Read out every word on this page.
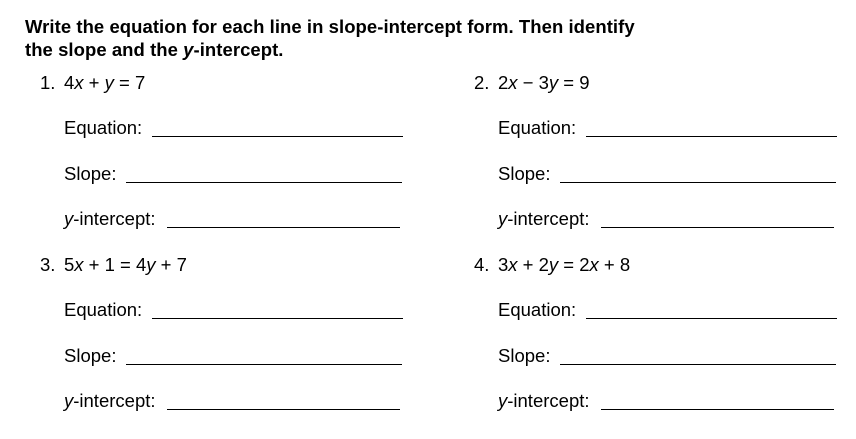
Write the equation for each line in slope-intercept form. Then identify
the slope and the y-intercept.
1. 4x + y = 7
Equation:
Slope:
y-intercept:
2. 2x − 3y = 9
Equation:
Slope:
y-intercept:
3. 5x + 1 = 4y + 7
Equation:
Slope:
y-intercept:
4. 3x + 2y = 2x + 8
Equation:
Slope:
y-intercept:
